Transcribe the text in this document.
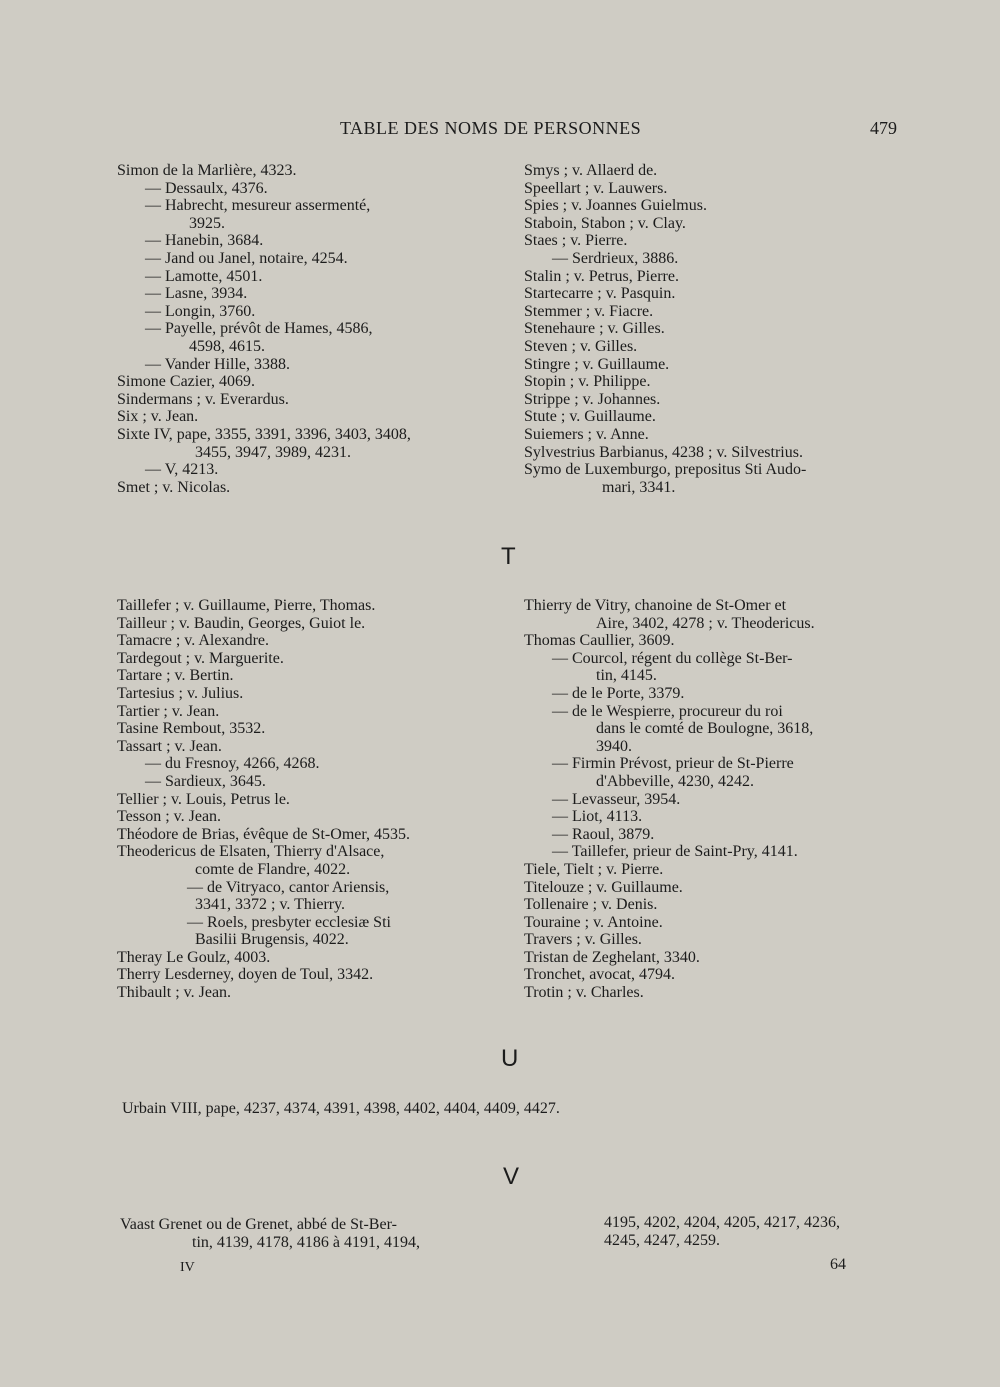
TABLE DES NOMS DE PERSONNES	479
Simon de la Marlière, 4323.
— Dessaulx, 4376.
— Habrecht, mesureur assermenté,
3925.
— Hanebin, 3684.
— Jand ou Janel, notaire, 4254.
— Lamotte, 4501.
— Lasne, 3934.
— Longin, 3760.
— Payelle, prévôt de Hames, 4586,
4598, 4615.
— Vander Hille, 3388.
Simone Cazier, 4069.
Sindermans ; v. Everardus.
Six ; v. Jean.
Sixte IV, pape, 3355, 3391, 3396, 3403, 3408,
3455, 3947, 3989, 4231.
— V, 4213.
Smet ; v. Nicolas.
Smys ; v. Allaerd de.
Speellart ; v. Lauwers.
Spies ; v. Joannes Guielmus.
Staboin, Stabon ; v. Clay.
Staes ; v. Pierre.
— Serdrieux, 3886.
Stalin ; v. Petrus, Pierre.
Startecarre ; v. Pasquin.
Stemmer ; v. Fiacre.
Stenehaure ; v. Gilles.
Steven ; v. Gilles.
Stingre ; v. Guillaume.
Stopin ; v. Philippe.
Strippe ; v. Johannes.
Stute ; v. Guillaume.
Suiemers ; v. Anne.
Sylvestrius Barbianus, 4238 ; v. Silvestrius.
Symo de Luxemburgo, prepositus Sti Audo-
mari, 3341.
T
Taillefer ; v. Guillaume, Pierre, Thomas.
Tailleur ; v. Baudin, Georges, Guiot le.
Tamacre ; v. Alexandre.
Tardegout ; v. Marguerite.
Tartare ; v. Bertin.
Tartesius ; v. Julius.
Tartier ; v. Jean.
Tasine Rembout, 3532.
Tassart ; v. Jean.
— du Fresnoy, 4266, 4268.
— Sardieux, 3645.
Tellier ; v. Louis, Petrus le.
Tesson ; v. Jean.
Théodore de Brias, évêque de St-Omer, 4535.
Theodericus de Elsaten, Thierry d'Alsace,
comte de Flandre, 4022.
— de Vitryaco, cantor Ariensis,
3341, 3372 ; v. Thierry.
— Roels, presbyter ecclesiæ Sti
Basilii Brugensis, 4022.
Theray Le Goulz, 4003.
Therry Lesderney, doyen de Toul, 3342.
Thibault ; v. Jean.
Thierry de Vitry, chanoine de St-Omer et
Aire, 3402, 4278 ; v. Theodericus.
Thomas Caullier, 3609.
— Courcol, régent du collège St-Ber-
tin, 4145.
— de le Porte, 3379.
— de le Wespierre, procureur du roi
dans le comté de Boulogne, 3618,
3940.
— Firmin Prévost, prieur de St-Pierre
d'Abbeville, 4230, 4242.
— Levasseur, 3954.
— Liot, 4113.
— Raoul, 3879.
— Taillefer, prieur de Saint-Pry, 4141.
Tiele, Tielt ; v. Pierre.
Titelouze ; v. Guillaume.
Tollenaire ; v. Denis.
Touraine ; v. Antoine.
Travers ; v. Gilles.
Tristan de Zeghelant, 3340.
Tronchet, avocat, 4794.
Trotin ; v. Charles.
U
Urbain VIII, pape, 4237, 4374, 4391, 4398, 4402, 4404, 4409, 4427.
V
Vaast Grenet ou de Grenet, abbé de St-Ber-
tin, 4139, 4178, 4186 à 4191, 4194,
4195, 4202, 4204, 4205, 4217, 4236,
4245, 4247, 4259.
IV	64
